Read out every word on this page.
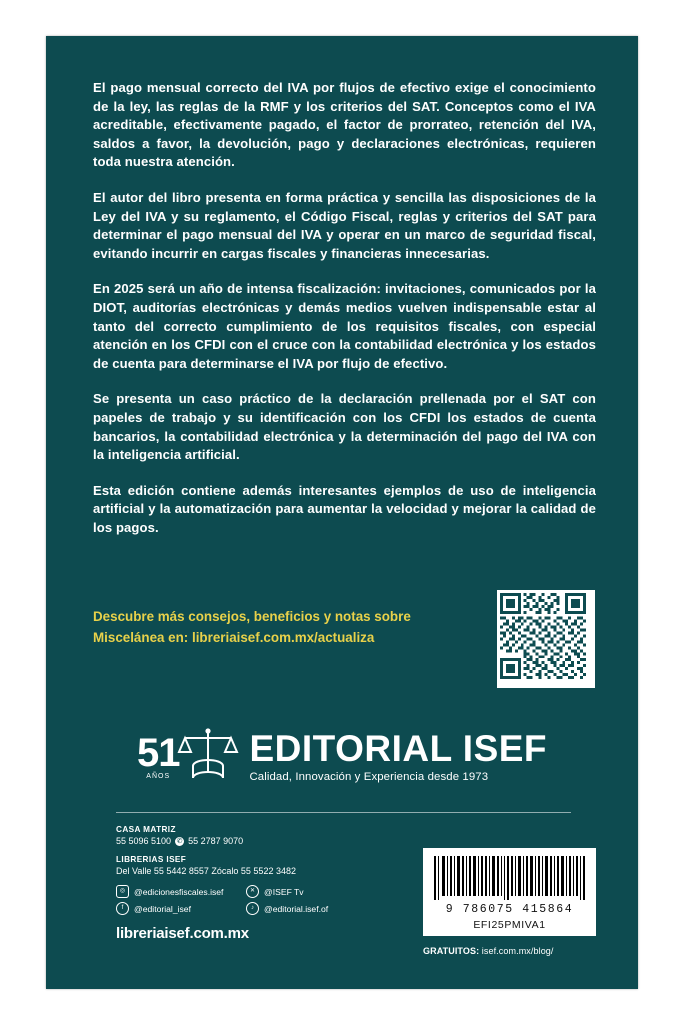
El pago mensual correcto del IVA por flujos de efectivo exige el conocimiento de la ley, las reglas de la RMF y los criterios del SAT. Conceptos como el IVA acreditable, efectivamente pagado, el factor de prorrateo, retención del IVA, saldos a favor, la devolución, pago y declaraciones electrónicas, requieren toda nuestra atención.

El autor del libro presenta en forma práctica y sencilla las disposiciones de la Ley del IVA y su reglamento, el Código Fiscal, reglas y criterios del SAT para determinar el pago mensual del IVA y operar en un marco de seguridad fiscal, evitando incurrir en cargas fiscales y financieras innecesarias.

En 2025 será un año de intensa fiscalización: invitaciones, comunicados por la DIOT, auditorías electrónicas y demás medios vuelven indispensable estar al tanto del correcto cumplimiento de los requisitos fiscales, con especial atención en los CFDI con el cruce con la contabilidad electrónica y los estados de cuenta para determinarse el IVA por flujo de efectivo.

Se presenta un caso práctico de la declaración prellenada por el SAT con papeles de trabajo y su identificación con los CFDI los estados de cuenta bancarios, la contabilidad electrónica y la determinación del pago del IVA con la inteligencia artificial.

Esta edición contiene además interesantes ejemplos de uso de inteligencia artificial y la automatización para aumentar la velocidad y mejorar la calidad de los pagos.

Descubre más consejos, beneficios y notas sobre
Miscelánea en: libreriaisef.com.mx/actualiza
51
AÑOS
EDITORIAL ISEF
Calidad, Innovación y Experiencia desde 1973
CASA MATRIZ
55 5096 5100 ✆ 55 2787 9070
LIBRERIAS ISEF
Del Valle 55 5442 8557 Zócalo 55 5522 3482
◎ @edicionesfiscales.isef	✕ @ISEF Tv
f	@editorial_isef	♪ @editorial.isef.of
libreriaisef.com.mx
9 786075 415864
EFI25PMIVA1
GRATUITOS: isef.com.mx/blog/
